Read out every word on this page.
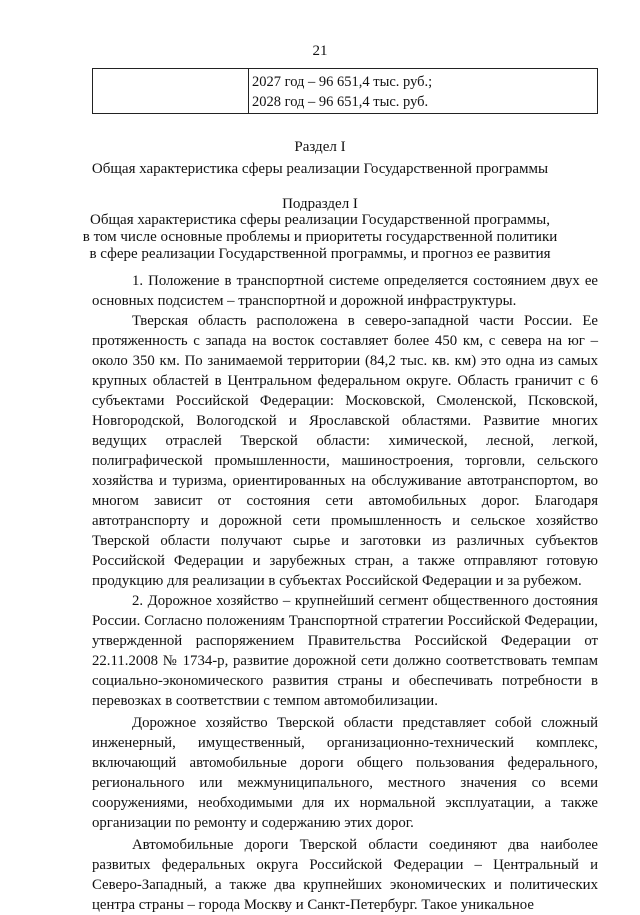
21
2027 год – 96 651,4 тыс. руб.;
2028 год – 96 651,4 тыс. руб.
Раздел I
Общая характеристика сферы реализации Государственной программы
Подраздел I
Общая характеристика сферы реализации Государственной программы,
в том числе основные проблемы и приоритеты государственной политики
в сфере реализации Государственной программы, и прогноз ее развития

1. Положение в транспортной системе определяется состоянием двух ее основных подсистем – транспортной и дорожной инфраструктуры.

Тверская область расположена в северо-западной части России. Ее протяженность с запада на восток составляет более 450 км, с севера на юг – около 350 км. По занимаемой территории (84,2 тыс. кв. км) это одна из самых крупных областей в Центральном федеральном округе. Область граничит с 6 субъектами Российской Федерации: Московской, Смоленской, Псковской, Новгородской, Вологодской и Ярославской областями. Развитие многих ведущих отраслей Тверской области: химической, лесной, легкой, полиграфической промышленности, машиностроения, торговли, сельского хозяйства и туризма, ориентированных на обслуживание автотранспортом, во многом зависит от состояния сети автомобильных дорог. Благодаря автотранспорту и дорожной сети промышленность и сельское хозяйство Тверской области получают сырье и заготовки из различных субъектов Российской Федерации и зарубежных стран, а также отправляют готовую продукцию для реализации в субъектах Российской Федерации и за рубежом.

2. Дорожное хозяйство – крупнейший сегмент общественного достояния России. Согласно положениям Транспортной стратегии Российской Федерации, утвержденной распоряжением Правительства Российской Федерации от 22.11.2008 № 1734-р, развитие дорожной сети должно соответствовать темпам социально-экономического развития страны и обеспечивать потребности в перевозках в соответствии с темпом автомобилизации.

Дорожное хозяйство Тверской области представляет собой сложный инженерный, имущественный, организационно-технический комплекс, включающий автомобильные дороги общего пользования федерального, регионального или межмуниципального, местного значения со всеми сооружениями, необходимыми для их нормальной эксплуатации, а также организации по ремонту и содержанию этих дорог.

Автомобильные дороги Тверской области соединяют два наиболее развитых федеральных округа Российской Федерации – Центральный и Северо-Западный, а также два крупнейших экономических и политических центра страны – города Москву и Санкт-Петербург. Такое уникальное
